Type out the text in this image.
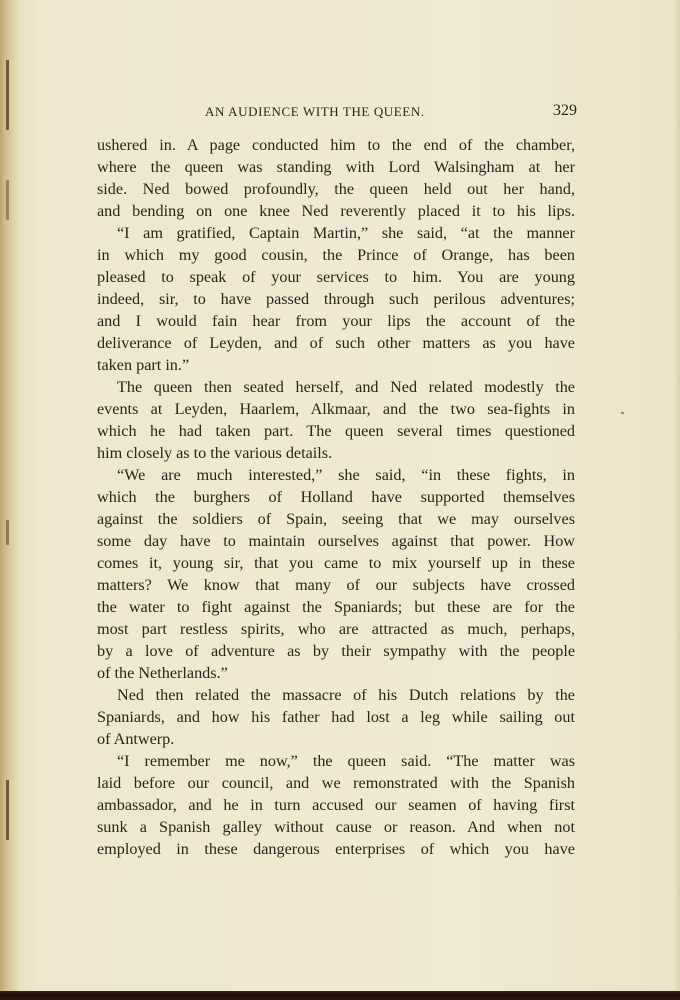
AN AUDIENCE WITH THE QUEEN.	329
ushered in. A page conducted him to the end of the chamber,
where the queen was standing with Lord Walsingham at her
side. Ned bowed profoundly, the queen held out her hand,
and bending on one knee Ned reverently placed it to his lips.
“I am gratified, Captain Martin,” she said, “at the manner
in which my good cousin, the Prince of Orange, has been
pleased to speak of your services to him. You are young
indeed, sir, to have passed through such perilous adventures;
and I would fain hear from your lips the account of the
deliverance of Leyden, and of such other matters as you have
taken part in.”
The queen then seated herself, and Ned related modestly the
events at Leyden, Haarlem, Alkmaar, and the two sea-fights in
which he had taken part. The queen several times questioned
him closely as to the various details.
“We are much interested,” she said, “in these fights, in
which the burghers of Holland have supported themselves
against the soldiers of Spain, seeing that we may ourselves
some day have to maintain ourselves against that power. How
comes it, young sir, that you came to mix yourself up in these
matters? We know that many of our subjects have crossed
the water to fight against the Spaniards; but these are for the
most part restless spirits, who are attracted as much, perhaps,
by a love of adventure as by their sympathy with the people
of the Netherlands.”
Ned then related the massacre of his Dutch relations by the
Spaniards, and how his father had lost a leg while sailing out
of Antwerp.
“I remember me now,” the queen said. “The matter was
laid before our council, and we remonstrated with the Spanish
ambassador, and he in turn accused our seamen of having first
sunk a Spanish galley without cause or reason. And when not
employed in these dangerous enterprises of which you have
